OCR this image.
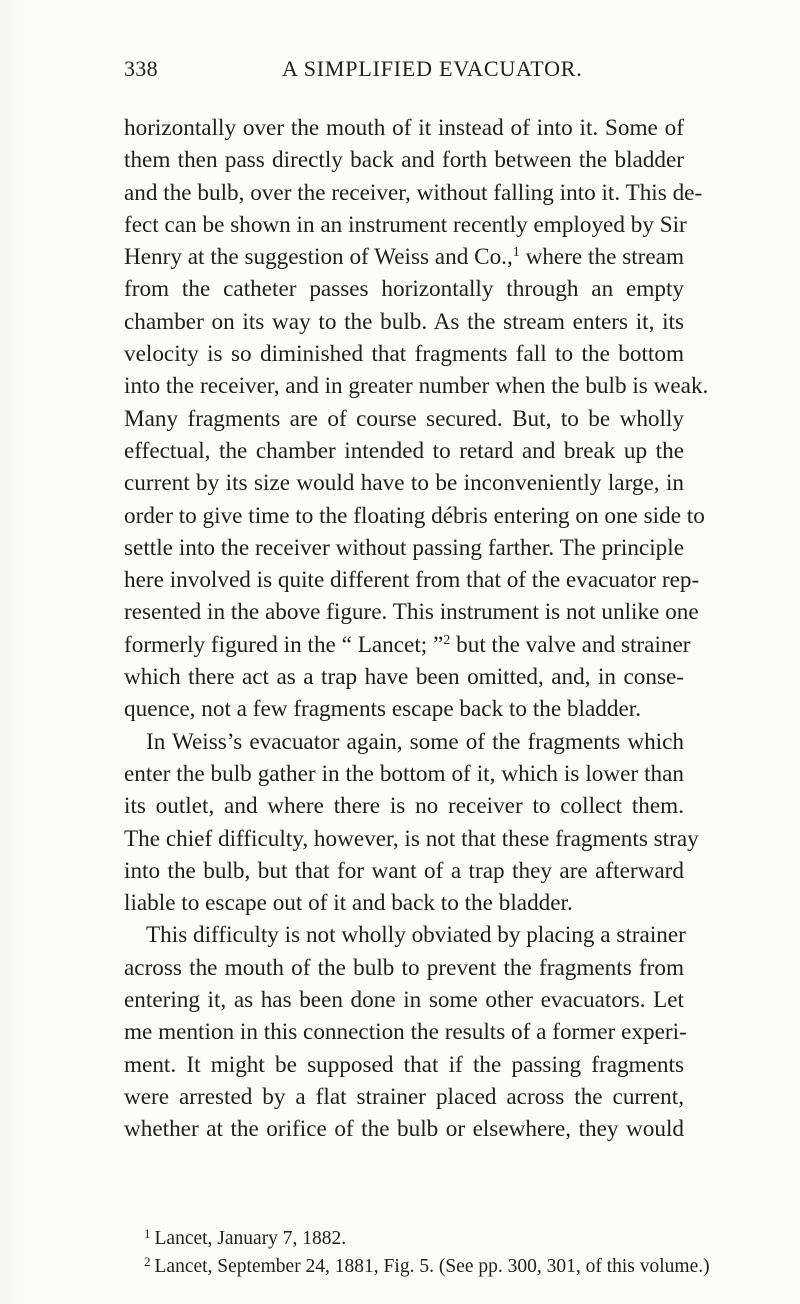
338	A SIMPLIFIED EVACUATOR.
horizontally over the mouth of it instead of into it. Some of
them then pass directly back and forth between the bladder
and the bulb, over the receiver, without falling into it. This de-
fect can be shown in an instrument recently employed by Sir
Henry at the suggestion of Weiss and Co.,$^1$ where the stream
from the catheter passes horizontally through an empty
chamber on its way to the bulb. As the stream enters it, its
velocity is so diminished that fragments fall to the bottom
into the receiver, and in greater number when the bulb is weak.
Many fragments are of course secured. But, to be wholly
effectual, the chamber intended to retard and break up the
current by its size would have to be inconveniently large, in
order to give time to the floating débris entering on one side to
settle into the receiver without passing farther. The principle
here involved is quite different from that of the evacuator rep-
resented in the above figure. This instrument is not unlike one
formerly figured in the “ Lancet; ”$^2$ but the valve and strainer
which there act as a trap have been omitted, and, in conse-
quence, not a few fragments escape back to the bladder.
In Weiss’s evacuator again, some of the fragments which
enter the bulb gather in the bottom of it, which is lower than
its outlet, and where there is no receiver to collect them.
The chief difficulty, however, is not that these fragments stray
into the bulb, but that for want of a trap they are afterward
liable to escape out of it and back to the bladder.
This difficulty is not wholly obviated by placing a strainer
across the mouth of the bulb to prevent the fragments from
entering it, as has been done in some other evacuators. Let
me mention in this connection the results of a former experi-
ment. It might be supposed that if the passing fragments
were arrested by a flat strainer placed across the current,
whether at the orifice of the bulb or elsewhere, they would
$^1$ Lancet, January 7, 1882.
$^2$ Lancet, September 24, 1881, Fig. 5. (See pp. 300, 301, of this volume.)
